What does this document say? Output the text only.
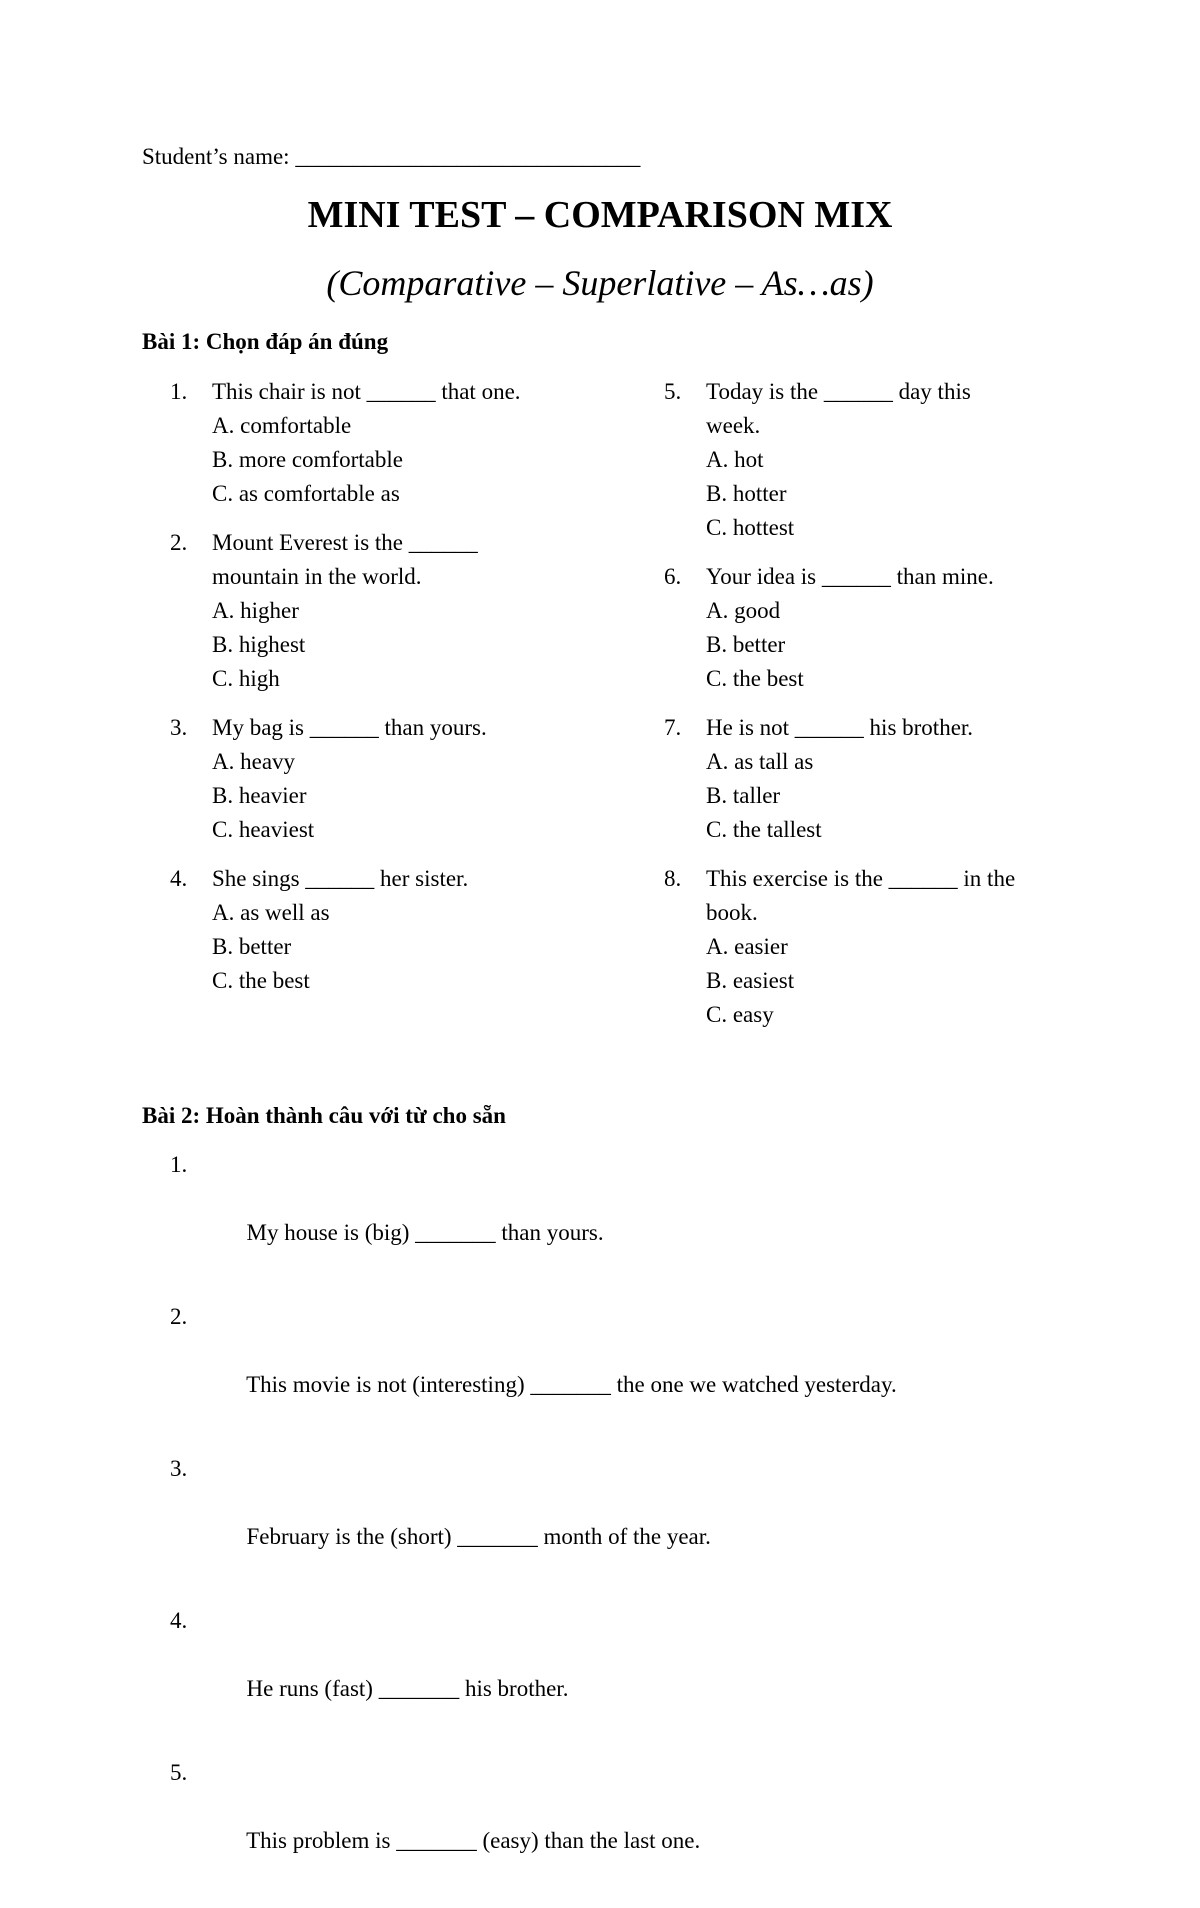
Student’s name: ______________________________
MINI TEST – COMPARISON MIX
(Comparative – Superlative – As…as)
Bài 1: Chọn đáp án đúng
1. This chair is not ______ that one.
A. comfortable
B. more comfortable
C. as comfortable as
2. Mount Everest is the ______ mountain in the world.
A. higher
B. highest
C. high
3. My bag is ______ than yours.
A. heavy
B. heavier
C. heaviest
4. She sings ______ her sister.
A. as well as
B. better
C. the best
5. Today is the ______ day this week.
A. hot
B. hotter
C. hottest
6. Your idea is ______ than mine.
A. good
B. better
C. the best
7. He is not ______ his brother.
A. as tall as
B. taller
C. the tallest
8. This exercise is the ______ in the book.
A. easier
B. easiest
C. easy
Bài 2: Hoàn thành câu với từ cho sẵn

1.

My house is (big) _______ than yours.

2.

This movie is not (interesting) _______ the one we watched yesterday.

3.

February is the (short) _______ month of the year.

4.

He runs (fast) _______ his brother.

5.

This problem is _______ (easy) than the last one.
